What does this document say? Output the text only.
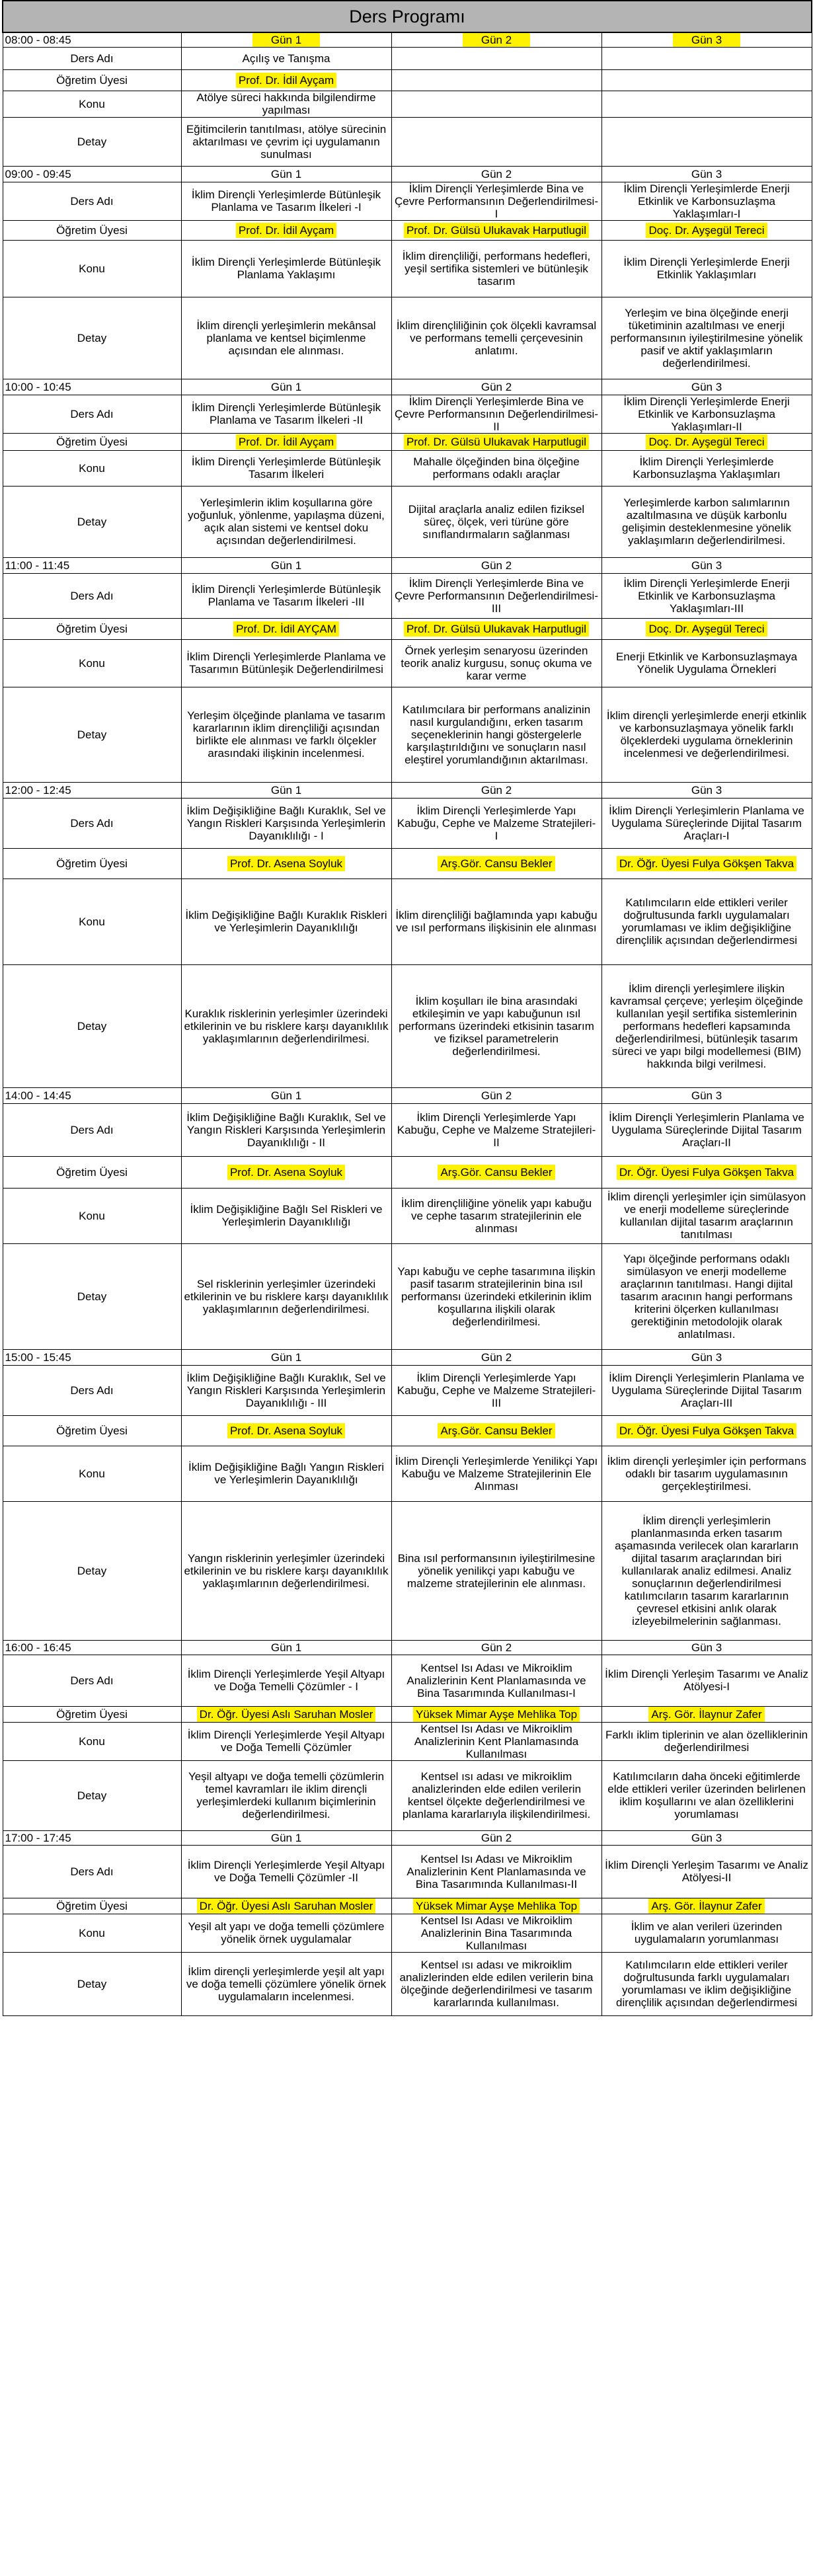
Ders Programı			
08:00 - 08:45	Gün 1	Gün 2	Gün 3
Ders Adı	Açılış ve Tanışma		
Öğretim Üyesi	Prof. Dr. İdil Ayçam		
Konu	Atölye süreci hakkında bilgilendirme yapılması		
Detay	Eğitimcilerin tanıtılması, atölye sürecinin aktarılması ve çevrim içi uygulamanın sunulması		
09:00 - 09:45	Gün 1	Gün 2	Gün 3
Ders Adı	İklim Dirençli Yerleşimlerde Bütünleşik Planlama ve Tasarım İlkeleri -I	İklim Dirençli Yerleşimlerde Bina ve Çevre Performansının Değerlendirilmesi- I	İklim Dirençli Yerleşimlerde Enerji Etkinlik ve Karbonsuzlaşma Yaklaşımları-I
Öğretim Üyesi	Prof. Dr. İdil Ayçam	Prof. Dr. Gülsü Ulukavak Harputlugil	Doç. Dr. Ayşegül Tereci
Konu	İklim Dirençli Yerleşimlerde Bütünleşik Planlama Yaklaşımı	İklim dirençliliği, performans hedefleri, yeşil sertifika sistemleri ve bütünleşik tasarım	İklim Dirençli Yerleşimlerde Enerji Etkinlik Yaklaşımları
Detay	İklim dirençli yerleşimlerin mekânsal planlama ve kentsel biçimlenme açısından ele alınması.	İklim dirençliliğinin çok ölçekli kavramsal ve performans temelli çerçevesinin anlatımı.	Yerleşim ve bina ölçeğinde enerji tüketiminin azaltılması ve enerji performansının iyileştirilmesine yönelik pasif ve aktif yaklaşımların değerlendirilmesi.
10:00 - 10:45	Gün 1	Gün 2	Gün 3
Ders Adı	İklim Dirençli Yerleşimlerde Bütünleşik Planlama ve Tasarım İlkeleri -II	İklim Dirençli Yerleşimlerde Bina ve Çevre Performansının Değerlendirilmesi- II	İklim Dirençli Yerleşimlerde Enerji Etkinlik ve Karbonsuzlaşma Yaklaşımları-II
Öğretim Üyesi	Prof. Dr. İdil Ayçam	Prof. Dr. Gülsü Ulukavak Harputlugil	Doç. Dr. Ayşegül Tereci
Konu	İklim Dirençli Yerleşimlerde Bütünleşik Tasarım İlkeleri	Mahalle ölçeğinden bina ölçeğine performans odaklı araçlar	İklim Dirençli Yerleşimlerde Karbonsuzlaşma Yaklaşımları
Detay	Yerleşimlerin iklim koşullarına göre yoğunluk, yönlenme, yapılaşma düzeni, açık alan sistemi ve kentsel doku açısından değerlendirilmesi.	Dijital araçlarla analiz edilen fiziksel süreç, ölçek, veri türüne göre sınıflandırmaların sağlanması	Yerleşimlerde karbon salımlarının azaltılmasına ve düşük karbonlu gelişimin desteklenmesine yönelik yaklaşımların değerlendirilmesi.
11:00 - 11:45	Gün 1	Gün 2	Gün 3
Ders Adı	İklim Dirençli Yerleşimlerde Bütünleşik Planlama ve Tasarım İlkeleri -III	İklim Dirençli Yerleşimlerde Bina ve Çevre Performansının Değerlendirilmesi- III	İklim Dirençli Yerleşimlerde Enerji Etkinlik ve Karbonsuzlaşma Yaklaşımları-III
Öğretim Üyesi	Prof. Dr. İdil AYÇAM	Prof. Dr. Gülsü Ulukavak Harputlugil	Doç. Dr. Ayşegül Tereci
Konu	İklim Dirençli Yerleşimlerde Planlama ve Tasarımın Bütünleşik Değerlendirilmesi	Örnek yerleşim senaryosu üzerinden teorik analiz kurgusu, sonuç okuma ve karar verme	Enerji Etkinlik ve Karbonsuzlaşmaya Yönelik Uygulama Örnekleri
Detay	Yerleşim ölçeğinde planlama ve tasarım kararlarının iklim dirençliliği açısından birlikte ele alınması ve farklı ölçekler arasındaki ilişkinin incelenmesi.	Katılımcılara bir performans analizinin nasıl kurgulandığını, erken tasarım seçeneklerinin hangi göstergelerle karşılaştırıldığını ve sonuçların nasıl eleştirel yorumlandığının aktarılması.	İklim dirençli yerleşimlerde enerji etkinlik ve karbonsuzlaşmaya yönelik farklı ölçeklerdeki uygulama örneklerinin incelenmesi ve değerlendirilmesi.
12:00 - 12:45	Gün 1	Gün 2	Gün 3
Ders Adı	İklim Değişikliğine Bağlı Kuraklık, Sel ve Yangın Riskleri Karşısında Yerleşimlerin Dayanıklılığı - I	İklim Dirençli Yerleşimlerde Yapı Kabuğu, Cephe ve Malzeme Stratejileri- I	İklim Dirençli Yerleşimlerin Planlama ve Uygulama Süreçlerinde Dijital Tasarım Araçları-I
Öğretim Üyesi	Prof. Dr. Asena Soyluk	Arş.Gör. Cansu Bekler	Dr. Öğr. Üyesi Fulya Gökşen Takva
Konu	İklim Değişikliğine Bağlı Kuraklık Riskleri ve Yerleşimlerin Dayanıklılığı	İklim dirençliliği bağlamında yapı kabuğu ve ısıl performans ilişkisinin ele alınması	Katılımcıların elde ettikleri veriler doğrultusunda farklı uygulamaları yorumlaması ve iklim değişikliğine dirençlilik açısından değerlendirmesi
Detay	Kuraklık risklerinin yerleşimler üzerindeki etkilerinin ve bu risklere karşı dayanıklılık yaklaşımlarının değerlendirilmesi.	İklim koşulları ile bina arasındaki etkileşimin ve yapı kabuğunun ısıl performans üzerindeki etkisinin tasarım ve fiziksel parametrelerin değerlendirilmesi.	İklim dirençli yerleşimlere ilişkin kavramsal çerçeve; yerleşim ölçeğinde kullanılan yeşil sertifika sistemlerinin performans hedefleri kapsamında değerlendirilmesi, bütünleşik tasarım süreci ve yapı bilgi modellemesi (BIM) hakkında bilgi verilmesi.
14:00 - 14:45	Gün 1	Gün 2	Gün 3
Ders Adı	İklim Değişikliğine Bağlı Kuraklık, Sel ve Yangın Riskleri Karşısında Yerleşimlerin Dayanıklılığı - II	İklim Dirençli Yerleşimlerde Yapı Kabuğu, Cephe ve Malzeme Stratejileri- II	İklim Dirençli Yerleşimlerin Planlama ve Uygulama Süreçlerinde Dijital Tasarım Araçları-II
Öğretim Üyesi	Prof. Dr. Asena Soyluk	Arş.Gör. Cansu Bekler	Dr. Öğr. Üyesi Fulya Gökşen Takva
Konu	İklim Değişikliğine Bağlı Sel Riskleri ve Yerleşimlerin Dayanıklılığı	İklim dirençliliğine yönelik yapı kabuğu ve cephe tasarım stratejilerinin ele alınması	İklim dirençli yerleşimler için simülasyon ve enerji modelleme süreçlerinde kullanılan dijital tasarım araçlarının tanıtılması
Detay	Sel risklerinin yerleşimler üzerindeki etkilerinin ve bu risklere karşı dayanıklılık yaklaşımlarının değerlendirilmesi.	Yapı kabuğu ve cephe tasarımına ilişkin pasif tasarım stratejilerinin bina ısıl performansı üzerindeki etkilerinin iklim koşullarına ilişkili olarak değerlendirilmesi.	Yapı ölçeğinde performans odaklı simülasyon ve enerji modelleme araçlarının tanıtılması. Hangi dijital tasarım aracının hangi performans kriterini ölçerken kullanılması gerektiğinin metodolojik olarak anlatılması.
15:00 - 15:45	Gün 1	Gün 2	Gün 3
Ders Adı	İklim Değişikliğine Bağlı Kuraklık, Sel ve Yangın Riskleri Karşısında Yerleşimlerin Dayanıklılığı - III	İklim Dirençli Yerleşimlerde Yapı Kabuğu, Cephe ve Malzeme Stratejileri- III	İklim Dirençli Yerleşimlerin Planlama ve Uygulama Süreçlerinde Dijital Tasarım Araçları-III
Öğretim Üyesi	Prof. Dr. Asena Soyluk	Arş.Gör. Cansu Bekler	Dr. Öğr. Üyesi Fulya Gökşen Takva
Konu	İklim Değişikliğine Bağlı Yangın Riskleri ve Yerleşimlerin Dayanıklılığı	İklim Dirençli Yerleşimlerde Yenilikçi Yapı Kabuğu ve Malzeme Stratejilerinin Ele Alınması	İklim dirençli yerleşimler için performans odaklı bir tasarım uygulamasının gerçekleştirilmesi.
Detay	Yangın risklerinin yerleşimler üzerindeki etkilerinin ve bu risklere karşı dayanıklılık yaklaşımlarının değerlendirilmesi.	Bina ısıl performansının iyileştirilmesine yönelik yenilikçi yapı kabuğu ve malzeme stratejilerinin ele alınması.	İklim dirençli yerleşimlerin planlanmasında erken tasarım aşamasında verilecek olan kararların dijital tasarım araçlarından biri kullanılarak analiz edilmesi. Analiz sonuçlarının değerlendirilmesi katılımcıların tasarım kararlarının çevresel etkisini anlık olarak izleyebilmelerinin sağlanması.
16:00 - 16:45	Gün 1	Gün 2	Gün 3
Ders Adı	İklim Dirençli Yerleşimlerde Yeşil Altyapı ve Doğa Temelli Çözümler - I	Kentsel Isı Adası ve Mikroiklim Analizlerinin Kent Planlamasında ve Bina Tasarımında Kullanılması-I	İklim Dirençli Yerleşim Tasarımı ve Analiz Atölyesi-I
Öğretim Üyesi	Dr. Öğr. Üyesi Aslı Saruhan Mosler	Yüksek Mimar Ayşe Mehlika Top	Arş. Gör. İlaynur Zafer
Konu	İklim Dirençli Yerleşimlerde Yeşil Altyapı ve Doğa Temelli Çözümler	Kentsel Isı Adası ve Mikroiklim Analizlerinin Kent Planlamasında Kullanılması	Farklı iklim tiplerinin ve alan özelliklerinin değerlendirilmesi
Detay	Yeşil altyapı ve doğa temelli çözümlerin temel kavramları ile iklim dirençli yerleşimlerdeki kullanım biçimlerinin değerlendirilmesi.	Kentsel ısı adası ve mikroiklim analizlerinden elde edilen verilerin kentsel ölçekte değerlendirilmesi ve planlama kararlarıyla ilişkilendirilmesi.	Katılımcıların daha önceki eğitimlerde elde ettikleri veriler üzerinden belirlenen iklim koşullarını ve alan özelliklerini yorumlaması
17:00 - 17:45	Gün 1	Gün 2	Gün 3
Ders Adı	İklim Dirençli Yerleşimlerde Yeşil Altyapı ve Doğa Temelli Çözümler -II	Kentsel Isı Adası ve Mikroiklim Analizlerinin Kent Planlamasında ve Bina Tasarımında Kullanılması-II	İklim Dirençli Yerleşim Tasarımı ve Analiz Atölyesi-II
Öğretim Üyesi	Dr. Öğr. Üyesi Aslı Saruhan Mosler	Yüksek Mimar Ayşe Mehlika Top	Arş. Gör. İlaynur Zafer
Konu	Yeşil alt yapı ve doğa temelli çözümlere yönelik örnek uygulamalar	Kentsel Isı Adası ve Mikroiklim Analizlerinin Bina Tasarımında Kullanılması	İklim ve alan verileri üzerinden uygulamaların yorumlanması
Detay	İklim dirençli yerleşimlerde yeşil alt yapı ve doğa temelli çözümlere yönelik örnek uygulamaların incelenmesi.	Kentsel ısı adası ve mikroiklim analizlerinden elde edilen verilerin bina ölçeğinde değerlendirilmesi ve tasarım kararlarında kullanılması.	Katılımcıların elde ettikleri veriler doğrultusunda farklı uygulamaları yorumlaması ve iklim değişikliğine dirençlilik açısından değerlendirmesi
